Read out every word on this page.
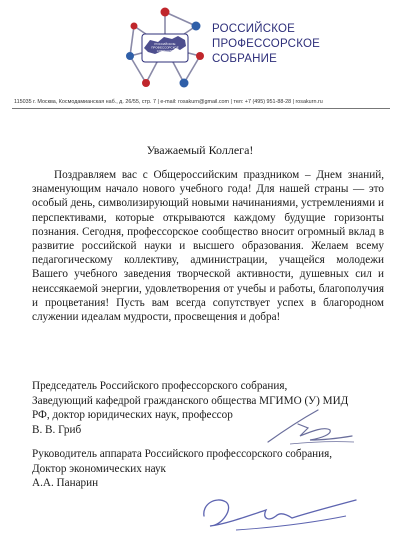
РОССИЙСКОЕ ПРОФЕССОРСКОЕ СОБРАНИЕ
РОССИЙСКОЕ
ПРОФЕССОРСКОЕ
СОБРАНИЕ
115035 г. Москва, Космодамианская наб., д. 26/55, стр. 7 | e-mail: rosakurn@gmail.com | тел: +7 (495) 951-88-28 | rosakurn.ru
Уважаемый Коллега!

Поздравляем вас с Общероссийским праздником – Днем знаний, знаменующим начало нового учебного года! Для нашей страны — это особый день, символизирующий новыми начинаниями, устремлениями и перспективами, которые открываются каждому будущие горизонты познания. Сегодня, профессорское сообщество вносит огромный вклад в развитие российской науки и высшего образования. Желаем всему педагогическому коллективу, администрации, учащейся молодежи Вашего учебного заведения творческой активности, душевных сил и неиссякаемой энергии, удовлетворения от учебы и работы, благополучия и процветания! Пусть вам всегда сопутствует успех в благородном служении идеалам мудрости, просвещения и добра!

Председатель Российского профессорского собрания,
Заведующий кафедрой гражданского общества МГИМО (У) МИД
РФ, доктор юридических наук, профессор
В. В. Гриб
Руководитель аппарата Российского профессорского собрания,
Доктор экономических наук
А.А. Панарин
